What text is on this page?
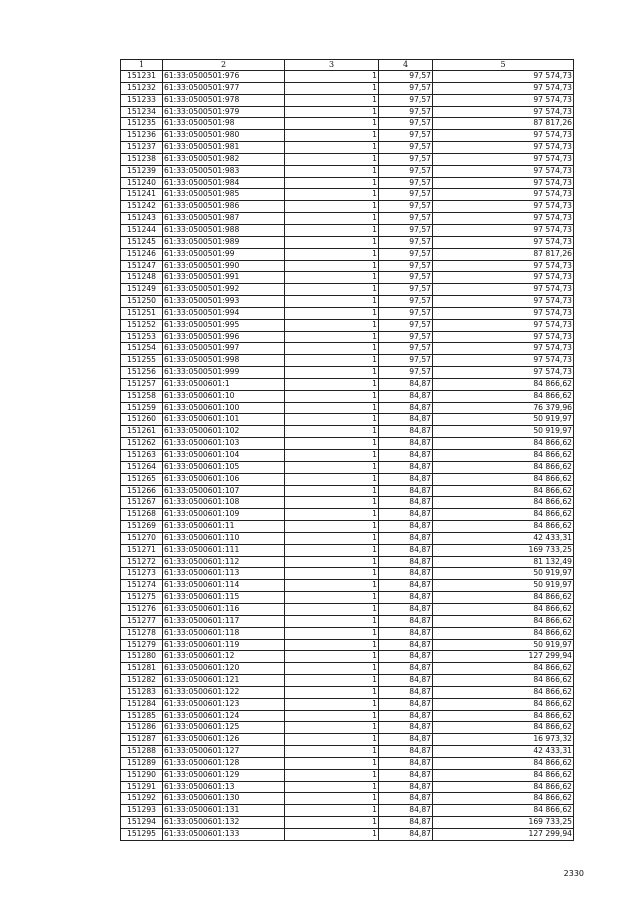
1	2	3	4	5
151231	61:33:0500501:976	1	97,57	97 574,73
151232	61:33:0500501:977	1	97,57	97 574,73
151233	61:33:0500501:978	1	97,57	97 574,73
151234	61:33:0500501:979	1	97,57	97 574,73
151235	61:33:0500501:98	1	97,57	87 817,26
151236	61:33:0500501:980	1	97,57	97 574,73
151237	61:33:0500501:981	1	97,57	97 574,73
151238	61:33:0500501:982	1	97,57	97 574,73
151239	61:33:0500501:983	1	97,57	97 574,73
151240	61:33:0500501:984	1	97,57	97 574,73
151241	61:33:0500501:985	1	97,57	97 574,73
151242	61:33:0500501:986	1	97,57	97 574,73
151243	61:33:0500501:987	1	97,57	97 574,73
151244	61:33:0500501:988	1	97,57	97 574,73
151245	61:33:0500501:989	1	97,57	97 574,73
151246	61:33:0500501:99	1	97,57	87 817,26
151247	61:33:0500501:990	1	97,57	97 574,73
151248	61:33:0500501:991	1	97,57	97 574,73
151249	61:33:0500501:992	1	97,57	97 574,73
151250	61:33:0500501:993	1	97,57	97 574,73
151251	61:33:0500501:994	1	97,57	97 574,73
151252	61:33:0500501:995	1	97,57	97 574,73
151253	61:33:0500501:996	1	97,57	97 574,73
151254	61:33:0500501:997	1	97,57	97 574,73
151255	61:33:0500501:998	1	97,57	97 574,73
151256	61:33:0500501:999	1	97,57	97 574,73
151257	61:33:0500601:1	1	84,87	84 866,62
151258	61:33:0500601:10	1	84,87	84 866,62
151259	61:33:0500601:100	1	84,87	76 379,96
151260	61:33:0500601:101	1	84,87	50 919,97
151261	61:33:0500601:102	1	84,87	50 919,97
151262	61:33:0500601:103	1	84,87	84 866,62
151263	61:33:0500601:104	1	84,87	84 866,62
151264	61:33:0500601:105	1	84,87	84 866,62
151265	61:33:0500601:106	1	84,87	84 866,62
151266	61:33:0500601:107	1	84,87	84 866,62
151267	61:33:0500601:108	1	84,87	84 866,62
151268	61:33:0500601:109	1	84,87	84 866,62
151269	61:33:0500601:11	1	84,87	84 866,62
151270	61:33:0500601:110	1	84,87	42 433,31
151271	61:33:0500601:111	1	84,87	169 733,25
151272	61:33:0500601:112	1	84,87	81 132,49
151273	61:33:0500601:113	1	84,87	50 919,97
151274	61:33:0500601:114	1	84,87	50 919,97
151275	61:33:0500601:115	1	84,87	84 866,62
151276	61:33:0500601:116	1	84,87	84 866,62
151277	61:33:0500601:117	1	84,87	84 866,62
151278	61:33:0500601:118	1	84,87	84 866,62
151279	61:33:0500601:119	1	84,87	50 919,97
151280	61:33:0500601:12	1	84,87	127 299,94
151281	61:33:0500601:120	1	84,87	84 866,62
151282	61:33:0500601:121	1	84,87	84 866,62
151283	61:33:0500601:122	1	84,87	84 866,62
151284	61:33:0500601:123	1	84,87	84 866,62
151285	61:33:0500601:124	1	84,87	84 866,62
151286	61:33:0500601:125	1	84,87	84 866,62
151287	61:33:0500601:126	1	84,87	16 973,32
151288	61:33:0500601:127	1	84,87	42 433,31
151289	61:33:0500601:128	1	84,87	84 866,62
151290	61:33:0500601:129	1	84,87	84 866,62
151291	61:33:0500601:13	1	84,87	84 866,62
151292	61:33:0500601:130	1	84,87	84 866,62
151293	61:33:0500601:131	1	84,87	84 866,62
151294	61:33:0500601:132	1	84,87	169 733,25
151295	61:33:0500601:133	1	84,87	127 299,94
2330
